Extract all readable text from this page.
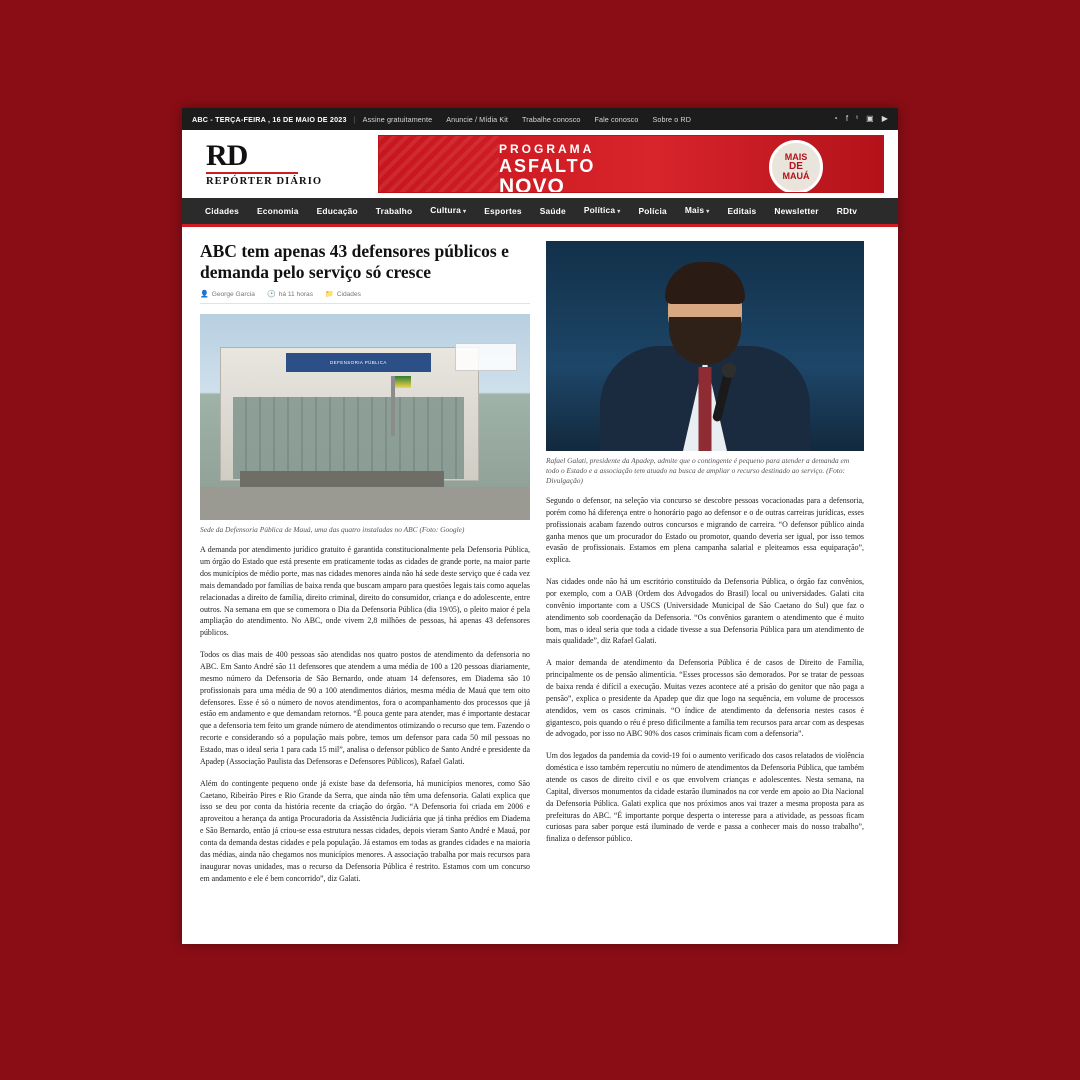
ABC - TERÇA-FEIRA , 16 DE MAIO DE 2023 | Assine gratuitamente Anuncie / Mídia Kit Trabalhe conosco Fale conosco Sobre o RD	◔ f ᵗ ▣ ▶
RD
REPÓRTER DIÁRIO
PROGRAMA
ASFALTO
NOVO
MAIS
DE
MAUÁ
Cidades	Economia	Educação	Trabalho	Cultura ▾	Esportes	Saúde	Política ▾	Polícia	Mais ▾	Editais	Newsletter	RDtv
ABC tem apenas 43 defensores públicos e demanda pelo serviço só cresce
👤 George Garcia 🕑 há 11 horas 📁 Cidades
DEFENSORIA PÚBLICA
Sede da Defensoria Pública de Mauá, uma das quatro instaladas no ABC (Foto: Google)

A demanda por atendimento jurídico gratuito é garantida constitucionalmente pela Defensoria Pública, um órgão do Estado que está presente em praticamente todas as cidades de grande porte, na maior parte dos municípios de médio porte, mas nas cidades menores ainda não há sede deste serviço que é cada vez mais demandado por famílias de baixa renda que buscam amparo para questões legais tais como aquelas relacionadas a direito de família, direito criminal, direito do consumidor, criança e do adolescente, entre outros. Na semana em que se comemora o Dia da Defensoria Pública (dia 19/05), o pleito maior é pela ampliação do atendimento. No ABC, onde vivem 2,8 milhões de pessoas, há apenas 43 defensores públicos.

Todos os dias mais de 400 pessoas são atendidas nos quatro postos de atendimento da defensoria no ABC. Em Santo André são 11 defensores que atendem a uma média de 100 a 120 pessoas diariamente, mesmo número da Defensoria de São Bernardo, onde atuam 14 defensores, em Diadema são 10 profissionais para uma média de 90 a 100 atendimentos diários, mesma média de Mauá que tem oito defensores. Esse é só o número de novos atendimentos, fora o acompanhamento dos processos que já estão em andamento e que demandam retornos. “É pouca gente para atender, mas é importante destacar que a defensoria tem feito um grande número de atendimentos otimizando o recurso que tem. Fazendo o recorte e considerando só a população mais pobre, temos um defensor para cada 50 mil pessoas no Estado, mas o ideal seria 1 para cada 15 mil”, analisa o defensor público de Santo André e presidente da Apadep (Associação Paulista das Defensoras e Defensores Públicos), Rafael Galati.

Além do contingente pequeno onde já existe base da defensoria, há municípios menores, como São Caetano, Ribeirão Pires e Rio Grande da Serra, que ainda não têm uma defensoria. Galati explica que isso se deu por conta da história recente da criação do órgão. “A Defensoria foi criada em 2006 e aproveitou a herança da antiga Procuradoria da Assistência Judiciária que já tinha prédios em Diadema e São Bernardo, então já criou-se essa estrutura nessas cidades, depois vieram Santo André e Mauá, por conta da demanda destas cidades e pela população. Já estamos em todas as grandes cidades e na maioria das médias, ainda não chegamos nos municípios menores. A associação trabalha por mais recursos para inaugurar novas unidades, mas o recurso da Defensoria Pública é restrito. Estamos com um concurso em andamento e ele é bem concorrido”, diz Galati.

Rafael Galati, presidente da Apadep, admite que o contingente é pequeno para atender a demanda em todo o Estado e a associação tem atuado na busca de ampliar o recurso destinado ao serviço. (Foto: Divulgação)

Segundo o defensor, na seleção via concurso se descobre pessoas vocacionadas para a defensoria, porém como há diferença entre o honorário pago ao defensor e o de outras carreiras jurídicas, esses profissionais acabam fazendo outros concursos e migrando de carreira. “O defensor público ainda ganha menos que um procurador do Estado ou promotor, quando deveria ser igual, por isso temos evasão de profissionais. Estamos em plena campanha salarial e pleiteamos essa equiparação”, explica.

Nas cidades onde não há um escritório constituído da Defensoria Pública, o órgão faz convênios, por exemplo, com a OAB (Ordem dos Advogados do Brasil) local ou universidades. Galati cita convênio importante com a USCS (Universidade Municipal de São Caetano do Sul) que faz o atendimento sob coordenação da Defensoria. “Os convênios garantem o atendimento que é muito bom, mas o ideal seria que toda a cidade tivesse a sua Defensoria Pública para um atendimento de mais qualidade”, diz Rafael Galati.

A maior demanda de atendimento da Defensoria Pública é de casos de Direito de Família, principalmente os de pensão alimentícia. “Esses processos são demorados. Por se tratar de pessoas de baixa renda é difícil a execução. Muitas vezes acontece até a prisão do genitor que não paga a pensão”, explica o presidente da Apadep que diz que logo na sequência, em volume de processos atendidos, vem os casos criminais. “O índice de atendimento da defensoria nestes casos é gigantesco, pois quando o réu é preso dificilmente a família tem recursos para arcar com as despesas de advogado, por isso no ABC 90% dos casos criminais ficam com a defensoria”.

Um dos legados da pandemia da covid-19 foi o aumento verificado dos casos relatados de violência doméstica e isso também repercutiu no número de atendimentos da Defensoria Pública, que também atende os casos de direito civil e os que envolvem crianças e adolescentes. Nesta semana, na Capital, diversos monumentos da cidade estarão iluminados na cor verde em apoio ao Dia Nacional da Defensoria Pública. Galati explica que nos próximos anos vai trazer a mesma proposta para as prefeituras do ABC. “É importante porque desperta o interesse para a atividade, as pessoas ficam curiosas para saber porque está iluminado de verde e passa a conhecer mais do nosso trabalho”, finaliza o defensor público.
